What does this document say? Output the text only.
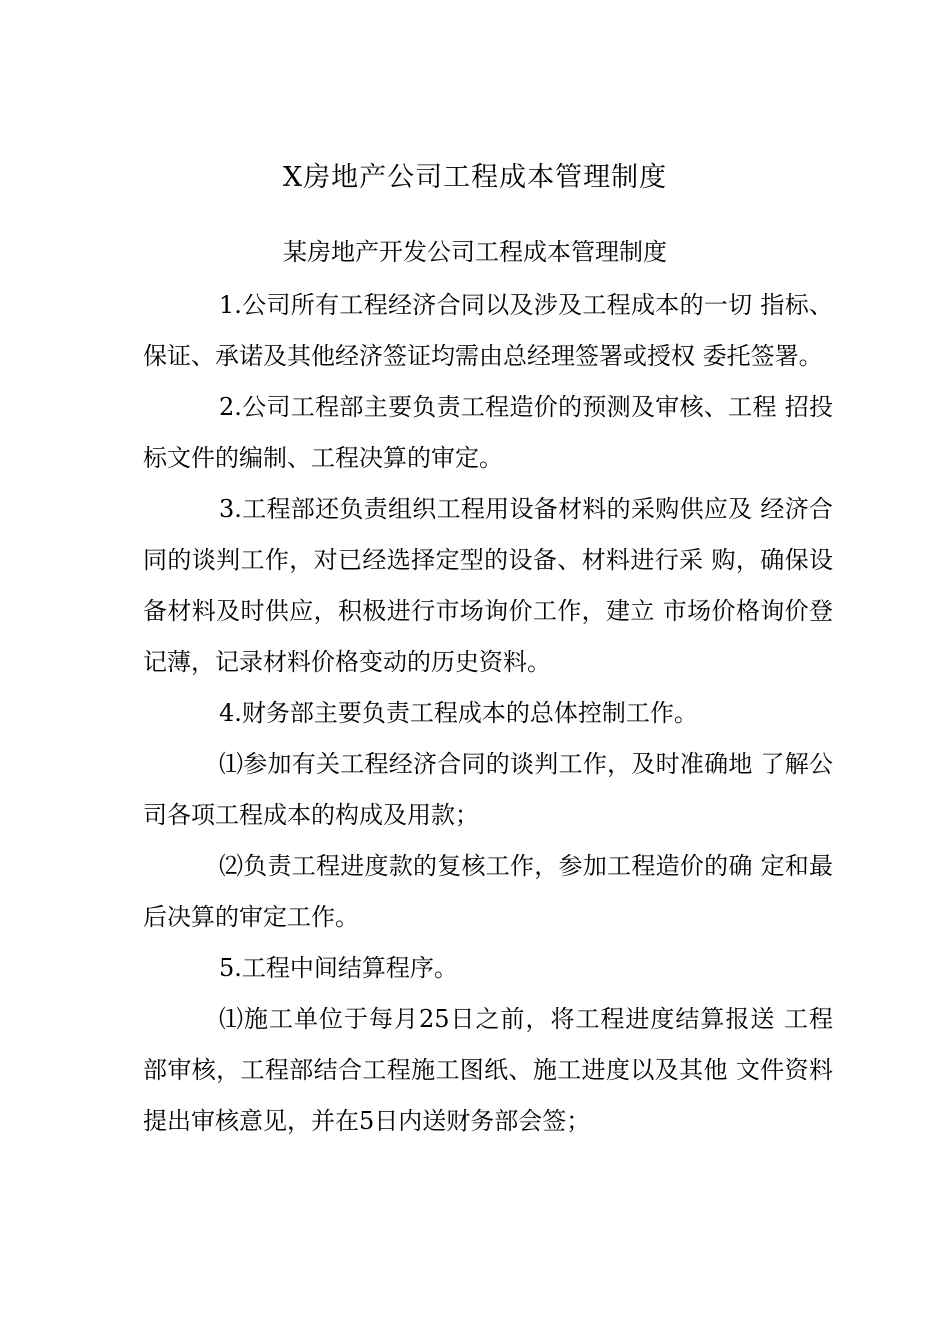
X房地产公司工程成本管理制度
某房地产开发公司工程成本管理制度

1.公司所有工程经济合同以及涉及工程成本的一切 指标、保证、承诺及其他经济签证均需由总经理签署或授权 委托签署。

2.公司工程部主要负责工程造价的预测及审核、工程 招投标文件的编制、工程决算的审定。

3.工程部还负责组织工程用设备材料的采购供应及 经济合同的谈判工作，对已经选择定型的设备、材料进行采 购，确保设备材料及时供应，积极进行市场询价工作，建立 市场价格询价登记薄，记录材料价格变动的历史资料。

4.财务部主要负责工程成本的总体控制工作。

⑴参加有关工程经济合同的谈判工作，及时准确地 了解公司各项工程成本的构成及用款；

⑵负责工程进度款的复核工作，参加工程造价的确 定和最后决算的审定工作。

5.工程中间结算程序。

⑴施工单位于每月25日之前，将工程进度结算报送 工程部审核，工程部结合工程施工图纸、施工进度以及其他 文件资料提出审核意见，并在5日内送财务部会签；
